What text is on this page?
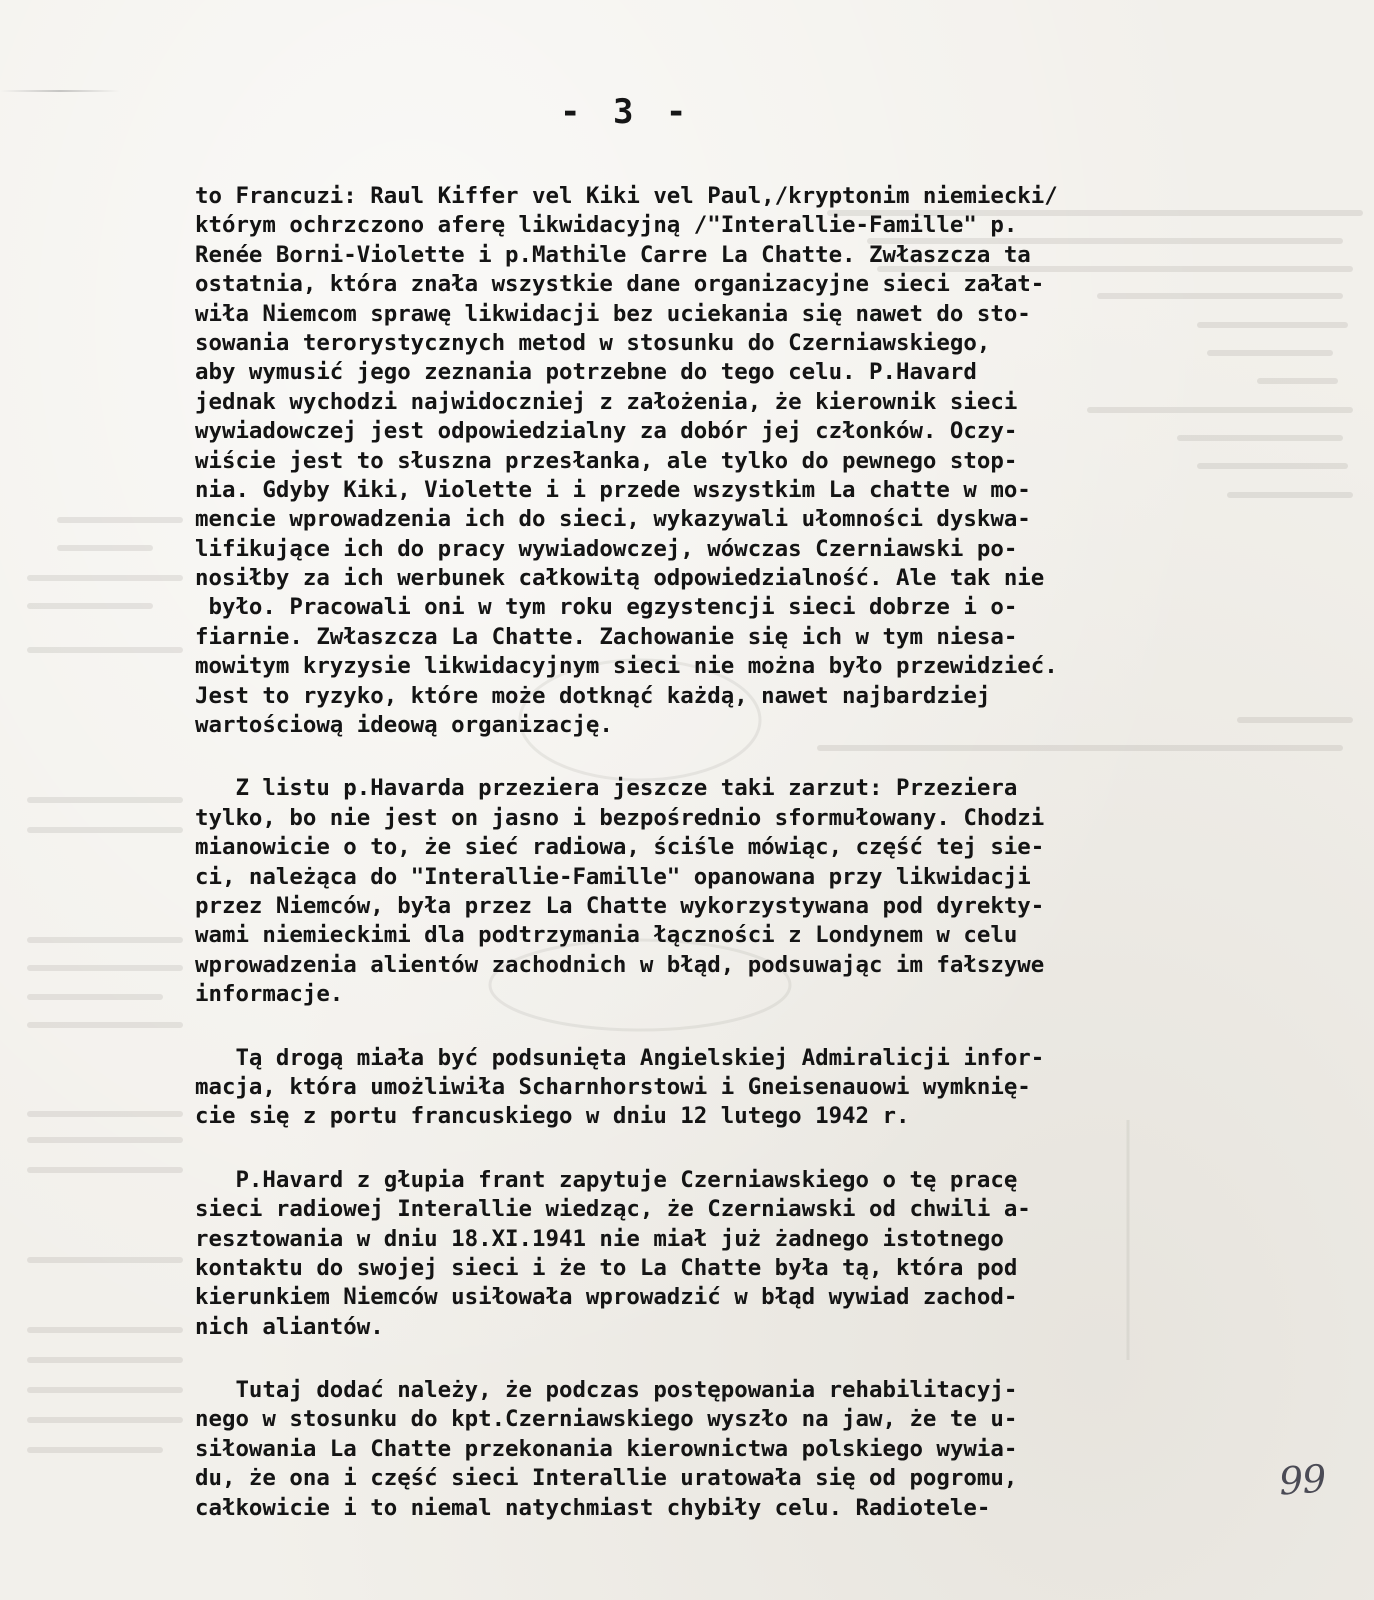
- 3 -
to Francuzi: Raul Kiffer vel Kiki vel Paul,/kryptonim niemiecki/
którym ochrzczono aferę likwidacyjną /"Interallie-Famille" p.
Renée Borni-Violette i p.Mathile Carre La Chatte. Zwłaszcza ta
ostatnia, która znała wszystkie dane organizacyjne sieci załat-
wiła Niemcom sprawę likwidacji bez uciekania się nawet do sto-
sowania terorystycznych metod w stosunku do Czerniawskiego,
aby wymusić jego zeznania potrzebne do tego celu. P.Havard
jednak wychodzi najwidoczniej z założenia, że kierownik sieci
wywiadowczej jest odpowiedzialny za dobór jej członków. Oczy-
wiście jest to słuszna przesłanka, ale tylko do pewnego stop-
nia. Gdyby Kiki, Violette i i przede wszystkim La chatte w mo-
mencie wprowadzenia ich do sieci, wykazywali ułomności dyskwa-
lifikujące ich do pracy wywiadowczej, wówczas Czerniawski po-
nosiłby za ich werbunek całkowitą odpowiedzialność. Ale tak nie
było. Pracowali oni w tym roku egzystencji sieci dobrze i o-
fiarnie. Zwłaszcza La Chatte. Zachowanie się ich w tym niesa-
mowitym kryzysie likwidacyjnym sieci nie można było przewidzieć.
Jest to ryzyko, które może dotknąć każdą, nawet najbardziej
wartościową ideową organizację.
Z listu p.Havarda przeziera jeszcze taki zarzut: Przeziera
tylko, bo nie jest on jasno i bezpośrednio sformułowany. Chodzi
mianowicie o to, że sieć radiowa, ściśle mówiąc, część tej sie-
ci, należąca do "Interallie-Famille" opanowana przy likwidacji
przez Niemców, była przez La Chatte wykorzystywana pod dyrekty-
wami niemieckimi dla podtrzymania łączności z Londynem w celu
wprowadzenia alientów zachodnich w błąd, podsuwając im fałszywe
informacje.
Tą drogą miała być podsunięta Angielskiej Admiralicji infor-
macja, która umożliwiła Scharnhorstowi i Gneisenauowi wymknię-
cie się z portu francuskiego w dniu 12 lutego 1942 r.
P.Havard z głupia frant zapytuje Czerniawskiego o tę pracę
sieci radiowej Interallie wiedząc, że Czerniawski od chwili a-
resztowania w dniu 18.XI.1941 nie miał już żadnego istotnego
kontaktu do swojej sieci i że to La Chatte była tą, która pod
kierunkiem Niemców usiłowała wprowadzić w błąd wywiad zachod-
nich aliantów.
Tutaj dodać należy, że podczas postępowania rehabilitacyj-
nego w stosunku do kpt.Czerniawskiego wyszło na jaw, że te u-
siłowania La Chatte przekonania kierownictwa polskiego wywia-
du, że ona i część sieci Interallie uratowała się od pogromu,
całkowicie i to niemal natychmiast chybiły celu. Radiotele-
99
